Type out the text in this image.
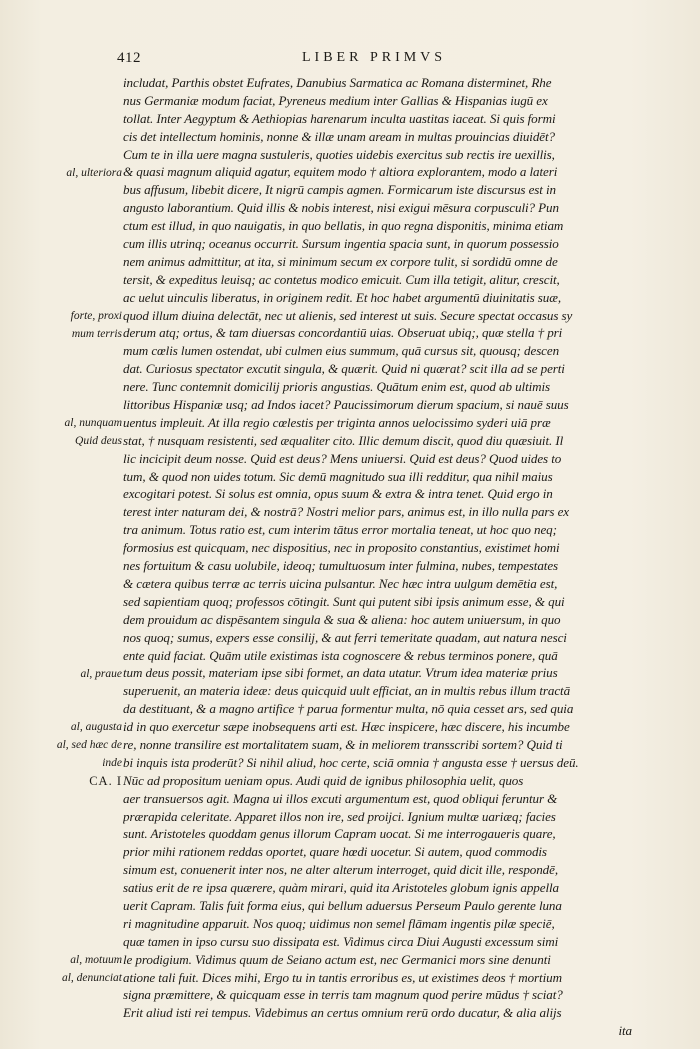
412	LIBER PRIMVS
includat, Parthis obstet Eufrates, Danubius Sarmatica ac Romana disterminet, Rhe
nus Germaniæ modum faciat, Pyreneus medium inter Gallias & Hispanias iugū ex
tollat. Inter Aegyptum & Aethiopias harenarum inculta uastitas iaceat. Si quis formi
cis det intellectum hominis, nonne & illæ unam aream in multas prouincias diuidēt?
Cum te in illa uere magna sustuleris, quoties uidebis exercitus sub rectis ire uexillis,
& quasi magnum aliquid agatur, equitem modo † altiora explorantem, modo a lateri
bus affusum, libebit dicere, It nigrū campis agmen. Formicarum iste discursus est in
angusto laborantium. Quid illis & nobis interest, nisi exigui mēsura corpusculi? Pun
ctum est illud, in quo nauigatis, in quo bellatis, in quo regna disponitis, minima etiam
cum illis utrinq; oceanus occurrit. Sursum ingentia spacia sunt, in quorum possessio
nem animus admittitur, at ita, si minimum secum ex corpore tulit, si sordidū omne de
tersit, & expeditus leuisq; ac contetus modico emicuit. Cum illa tetigit, alitur, crescit,
ac uelut uinculis liberatus, in originem redit. Et hoc habet argumentū diuinitatis suæ,
quod illum diuina delectāt, nec ut alienis, sed interest ut suis. Secure spectat occasus sy
derum atq; ortus, & tam diuersas concordantiū uias. Obseruat ubiq;, quæ stella † pri
mum cœlis lumen ostendat, ubi culmen eius summum, quā cursus sit, quousq; descen
dat. Curiosus spectator excutit singula, & quærit. Quid ni quærat? scit illa ad se perti
nere. Tunc contemnit domicilij prioris angustias. Quātum enim est, quod ab ultimis
littoribus Hispaniæ usq; ad Indos iacet? Paucissimorum dierum spacium, si nauē suus
uentus impleuit. At illa regio cœlestis per triginta annos uelocissimo syderi uiā præ
stat, † nusquam resistenti, sed æqualiter cito. Illic demum discit, quod diu quæsiuit. Il
lic incicipit deum nosse. Quid est deus? Mens uniuersi. Quid est deus? Quod uides to
tum, & quod non uides totum. Sic demū magnitudo sua illi redditur, qua nihil maius
excogitari potest. Si solus est omnia, opus suum & extra & intra tenet. Quid ergo in
terest inter naturam dei, & nostrā? Nostri melior pars, animus est, in illo nulla pars ex
tra animum. Totus ratio est, cum interim tātus error mortalia teneat, ut hoc quo neq;
formosius est quicquam, nec dispositius, nec in proposito constantius, existimet homi
nes fortuitum & casu uolubile, ideoq; tumultuosum inter fulmina, nubes, tempestates
& cætera quibus terræ ac terris uicina pulsantur. Nec hæc intra uulgum demētia est,
sed sapientiam quoq; professos cōtingit. Sunt qui putent sibi ipsis animum esse, & qui
dem prouidum ac dispēsantem singula & sua & aliena: hoc autem uniuersum, in quo
nos quoq; sumus, expers esse consilij, & aut ferri temeritate quadam, aut natura nesci
ente quid faciat. Quām utile existimas ista cognoscere & rebus terminos ponere, quā
tum deus possit, materiam ipse sibi formet, an data utatur. Vtrum idea materiæ prius
superuenit, an materia ideæ: deus quicquid uult efficiat, an in multis rebus illum tractā
da destituant, & a magno artifice † parua formentur multa, nō quia cesset ars, sed quia
id in quo exercetur sæpe inobsequens arti est. Hæc inspicere, hæc discere, his incumbe
re, nonne transilire est mortalitatem suam, & in meliorem transscribi sortem? Quid ti
bi inquis ista proderūt? Si nihil aliud, hoc certe, sciā omnia † angusta esse † uersus deū.
Nūc ad propositum ueniam opus. Audi quid de ignibus philosophia uelit, quos
aer transuersos agit. Magna ui illos excuti argumentum est, quod obliqui feruntur &
prærapida celeritate. Apparet illos non ire, sed proijci. Ignium multæ uariæq; facies
sunt. Aristoteles quoddam genus illorum Capram uocat. Si me interrogaueris quare,
prior mihi rationem reddas oportet, quare hœdi uocetur. Si autem, quod commodis
simum est, conuenerit inter nos, ne alter alterum interroget, quid dicit ille, respondē,
satius erit de re ipsa quærere, quàm mirari, quid ita Aristoteles globum ignis appella
uerit Capram. Talis fuit forma eius, qui bellum aduersus Perseum Paulo gerente luna
ri magnitudine apparuit. Nos quoq; uidimus non semel flāmam ingentis pilæ speciē,
quæ tamen in ipso cursu suo dissipata est. Vidimus circa Diui Augusti excessum simi
le prodigium. Vidimus quum de Seiano actum est, nec Germanici mors sine denunti
atione tali fuit. Dices mihi, Ergo tu in tantis erroribus es, ut existimes deos † mortium
signa præmittere, & quicquam esse in terris tam magnum quod perire mūdus † sciat?
Erit aliud isti rei tempus. Videbimus an certus omnium rerū ordo ducatur, & alia alijs
ita
al, ulteriora
forte, proxi
mum terris
al, nunquam
Quid deus
al, praue
al, augusta
al, sed hæc de
inde
CA. I
al, motuum
al, denunciat
